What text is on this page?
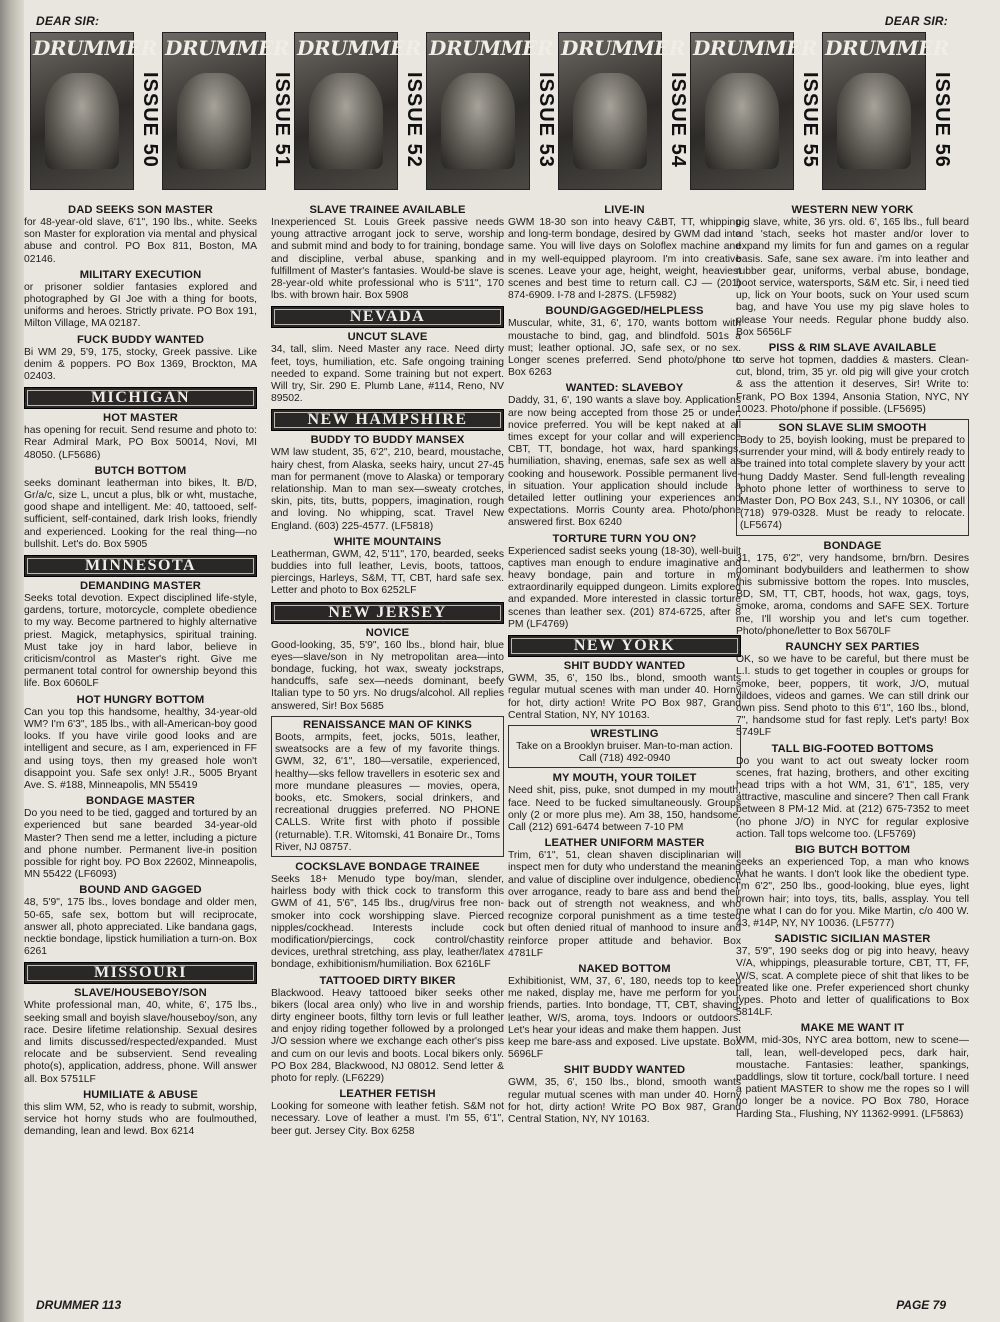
DEAR SIR:	DEAR SIR:
DRUMMER
ISSUE 50
DRUMMER
ISSUE 51
DRUMMER
ISSUE 52
DRUMMER
ISSUE 53
DRUMMER
ISSUE 54
DRUMMER
ISSUE 55
DRUMMER
ISSUE 56
DAD SEEKS SON MASTER

for 48-year-old slave, 6'1", 190 lbs., white. Seeks son Master for exploration via mental and physical abuse and control. PO Box 811, Boston, MA 02146.

MILITARY EXECUTION

or prisoner soldier fantasies explored and photographed by GI Joe with a thing for boots, uniforms and heroes. Strictly private. PO Box 191, Milton Village, MA 02187.

FUCK BUDDY WANTED

Bi WM 29, 5'9, 175, stocky, Greek passive. Like denim & poppers. PO Box 1369, Brockton, MA 02403.

MICHIGAN
HOT MASTER

has opening for recuit. Send resume and photo to: Rear Admiral Mark, PO Box 50014, Novi, MI 48050. (LF5686)

BUTCH BOTTOM

seeks dominant leatherman into bikes, lt. B/D, Gr/a/c, size L, uncut a plus, blk or wht, mustache, good shape and intelligent. Me: 40, tattooed, self-sufficient, self-contained, dark Irish looks, friendly and experienced. Looking for the real thing—no bullshit. Let's do. Box 5905

MINNESOTA
DEMANDING MASTER

Seeks total devotion. Expect disciplined life-style, gardens, torture, motorcycle, complete obedience to my way. Become partnered to highly alternative priest. Magick, metaphysics, spiritual training. Must take joy in hard labor, believe in criticism/control as Master's right. Give me permanent total control for ownership beyond this life. Box 6060LF

HOT HUNGRY BOTTOM

Can you top this handsome, healthy, 34-year-old WM? I'm 6'3", 185 lbs., with all-American-boy good looks. If you have virile good looks and are intelligent and secure, as I am, experienced in FF and using toys, then my greased hole won't disappoint you. Safe sex only! J.R., 5005 Bryant Ave. S. #188, Minneapolis, MN 55419

BONDAGE MASTER

Do you need to be tied, gagged and tortured by an experienced but sane bearded 34-year-old Master? Then send me a letter, including a picture and phone number. Permanent live-in position possible for right boy. PO Box 22602, Minneapolis, MN 55422 (LF6093)

BOUND AND GAGGED

48, 5'9", 175 lbs., loves bondage and older men, 50-65, safe sex, bottom but will reciprocate, answer all, photo appreciated. Like bandana gags, necktie bondage, lipstick humiliation a turn-on. Box 6261

MISSOURI
SLAVE/HOUSEBOY/SON

White professional man, 40, white, 6', 175 lbs., seeking small and boyish slave/houseboy/son, any race. Desire lifetime relationship. Sexual desires and limits discussed/respected/expanded. Must relocate and be subservient. Send revealing photo(s), application, address, phone. Will answer all. Box 5751LF

HUMILIATE & ABUSE

this slim WM, 52, who is ready to submit, worship, service hot horny studs who are foulmouthed, demanding, lean and lewd. Box 6214

SLAVE TRAINEE AVAILABLE

Inexperienced St. Louis Greek passive needs young attractive arrogant jock to serve, worship and submit mind and body to for training, bondage and discipline, verbal abuse, spanking and fulfillment of Master's fantasies. Would-be slave is 28-year-old white professional who is 5'11", 170 lbs. with brown hair. Box 5908

NEVADA
UNCUT SLAVE

34, tall, slim. Need Master any race. Need dirty feet, toys, humiliation, etc. Safe ongoing training needed to expand. Some training but not expert. Will try, Sir. 290 E. Plumb Lane, #114, Reno, NV 89502.

NEW HAMPSHIRE
BUDDY TO BUDDY MANSEX

WM law student, 35, 6'2", 210, beard, moustache, hairy chest, from Alaska, seeks hairy, uncut 27-45 man for permanent (move to Alaska) or temporary relationship. Man to man sex—sweaty crotches, skin, pits, tits, butts, poppers, imagination, rough and loving. No whipping, scat. Travel New England. (603) 225-4577. (LF5818)

WHITE MOUNTAINS

Leatherman, GWM, 42, 5'11", 170, bearded, seeks buddies into full leather, Levis, boots, tattoos, piercings, Harleys, S&M, TT, CBT, hard safe sex. Letter and photo to Box 6252LF

NEW JERSEY
NOVICE

Good-looking, 35, 5'9", 160 lbs., blond hair, blue eyes—slave/son in Ny metropolitan area—into bondage, fucking, hot wax, sweaty jockstraps, handcuffs, safe sex—needs dominant, beefy Italian type to 50 yrs. No drugs/alcohol. All replies answered, Sir! Box 5685

RENAISSANCE MAN OF KINKS

Boots, armpits, feet, jocks, 501s, leather, sweatsocks are a few of my favorite things. GWM, 32, 6'1", 180—versatile, experienced, healthy—sks fellow travellers in esoteric sex and more mundane pleasures — movies, opera, books, etc. Smokers, social drinkers, and recreational druggies preferred. NO PHONE CALLS. Write first with photo if possible (returnable). T.R. Witomski, 41 Bonaire Dr., Toms River, NJ 08757.

COCKSLAVE BONDAGE TRAINEE

Seeks 18+ Menudo type boy/man, slender, hairless body with thick cock to transform this GWM of 41, 5'6", 145 lbs., drug/virus free non-smoker into cock worshipping slave. Pierced nipples/cockhead. Interests include cock modification/piercings, cock control/chastity devices, urethral stretching, ass play, leather/latex bondage, exhibitionism/humiliation. Box 6216LF

TATTOOED DIRTY BIKER

Blackwood. Heavy tattooed biker seeks other bikers (local area only) who live in and worship dirty engineer boots, filthy torn levis or full leather and enjoy riding together followed by a prolonged J/O session where we exchange each other's piss and cum on our levis and boots. Local bikers only. PO Box 284, Blackwood, NJ 08012. Send letter & photo for reply. (LF6229)

LEATHER FETISH

Looking for someone with leather fetish. S&M not necessary. Love of leather a must. I'm 55, 6'1", beer gut. Jersey City. Box 6258

LIVE-IN

GWM 18-30 son into heavy C&BT, TT, whipping and long-term bondage, desired by GWM dad into same. You will live days on Soloflex machine and in my well-equipped playroom. I'm into creative scenes. Leave your age, height, weight, heaviest scenes and best time to return call. CJ — (201) 874-6909. I-78 and I-287S. (LF5982)

BOUND/GAGGED/HELPLESS

Muscular, white, 31, 6', 170, wants bottom with moustache to bind, gag, and blindfold. 501s a must; leather optional. JO, safe sex, or no sex. Longer scenes preferred. Send photo/phone to Box 6263

WANTED: SLAVEBOY

Daddy, 31, 6', 190 wants a slave boy. Applications are now being accepted from those 25 or under, novice preferred. You will be kept naked at all times except for your collar and will experience CBT, TT, bondage, hot wax, hard spankings, humiliation, shaving, enemas, safe sex as well as cooking and housework. Possible permanent live-in situation. Your application should include a detailed letter outlining your experiences and expectations. Morris County area. Photo/phone answered first. Box 6240

TORTURE TURN YOU ON?

Experienced sadist seeks young (18-30), well-built captives man enough to endure imaginative and heavy bondage, pain and torture in my extraordinarily equipped dungeon. Limits explored and expanded. More interested in classic torture scenes than leather sex. (201) 874-6725, after 8 PM (LF4769)

NEW YORK
SHIT BUDDY WANTED

GWM, 35, 6', 150 lbs., blond, smooth wants regular mutual scenes with man under 40. Horny for hot, dirty action! Write PO Box 987, Grand Central Station, NY, NY 10163.

WRESTLING

Take on a Brooklyn bruiser. Man-to-man action. Call (718) 492-0940

MY MOUTH, YOUR TOILET

Need shit, piss, puke, snot dumped in my mouth, face. Need to be fucked simultaneously. Groups only (2 or more plus me). Am 38, 150, handsome. Call (212) 691-6474 between 7-10 PM

LEATHER UNIFORM MASTER

Trim, 6'1", 51, clean shaven disciplinarian will inspect men for duty who understand the meaning and value of discipline over indulgence, obedience over arrogance, ready to bare ass and bend their back out of strength not weakness, and who recognize corporal punishment as a time tested but often denied ritual of manhood to insure and reinforce proper attitude and behavior. Box 4781LF

NAKED BOTTOM

Exhibitionist, WM, 37, 6', 180, needs top to keep me naked, display me, have me perform for you, friends, parties. Into bondage, TT, CBT, shaving, leather, W/S, aroma, toys. Indoors or outdoors. Let's hear your ideas and make them happen. Just keep me bare-ass and exposed. Live upstate. Box 5696LF

SHIT BUDDY WANTED

GWM, 35, 6', 150 lbs., blond, smooth wants regular mutual scenes with man under 40. Horny for hot, dirty action! Write PO Box 987, Grand Central Station, NY, NY 10163.

WESTERN NEW YORK

pig slave, white, 36 yrs. old. 6', 165 lbs., full beard and 'stach, seeks hot master and/or lover to expand my limits for fun and games on a regular basis. Safe, sane sex aware. i'm into leather and rubber gear, uniforms, verbal abuse, bondage, boot service, watersports, S&M etc. Sir, i need tied up, lick on Your boots, suck on Your used scum bag, and have You use my pig slave holes to please Your needs. Regular phone buddy also. Box 5656LF

PISS & RIM SLAVE AVAILABLE

to serve hot topmen, daddies & masters. Clean-cut, blond, trim, 35 yr. old pig will give your crotch & ass the attention it deserves, Sir! Write to: Frank, PO Box 1394, Ansonia Station, NYC, NY 10023. Photo/phone if possible. (LF5695)

SON SLAVE SLIM SMOOTH

Body to 25, boyish looking, must be prepared to surrender your mind, will & body entirely ready to be trained into total complete slavery by your actt hung Daddy Master. Send full-length revealing photo phone letter of worthiness to serve to Master Don, PO Box 243, S.I., NY 10306, or call (718) 979-0328. Must be ready to relocate. (LF5674)

BONDAGE

31, 175, 6'2", very handsome, brn/brn. Desires dominant bodybuilders and leathermen to show this submissive bottom the ropes. Into muscles, BD, SM, TT, CBT, hoods, hot wax, gags, toys, smoke, aroma, condoms and SAFE SEX. Torture me, I'll worship you and let's cum together. Photo/phone/letter to Box 5670LF

RAUNCHY SEX PARTIES

OK, so we have to be careful, but there must be L.I. studs to get together in couples or groups for smoke, beer, poppers, tit work, J/O, mutual dildoes, videos and games. We can still drink our own piss. Send photo to this 6'1", 160 lbs., blond, 7", handsome stud for fast reply. Let's party! Box 5749LF

TALL BIG-FOOTED BOTTOMS

Do you want to act out sweaty locker room scenes, frat hazing, brothers, and other exciting head trips with a hot WM, 31, 6'1", 185, very attractive, masculine and sincere? Then call Frank between 8 PM-12 Mid. at (212) 675-7352 to meet (no phone J/O) in NYC for regular explosive action. Tall tops welcome too. (LF5769)

BIG BUTCH BOTTOM

seeks an experienced Top, a man who knows what he wants. I don't look like the obedient type. I'm 6'2", 250 lbs., good-looking, blue eyes, light brown hair; into toys, tits, balls, assplay. You tell me what I can do for you. Mike Martin, c/o 400 W. 43, #14P, NY, NY 10036. (LF5777)

SADISTIC SICILIAN MASTER

37, 5'9", 190 seeks dog or pig into heavy, heavy V/A, whippings, pleasurable torture, CBT, TT, FF, W/S, scat. A complete piece of shit that likes to be treated like one. Prefer experienced short chunky types. Photo and letter of qualifications to Box 5814LF.

MAKE ME WANT IT

WM, mid-30s, NYC area bottom, new to scene—tall, lean, well-developed pecs, dark hair, moustache. Fantasies: leather, spankings, paddlings, slow tit torture, cock/ball torture. I need a patient MASTER to show me the ropes so I will no longer be a novice. PO Box 780, Horace Harding Sta., Flushing, NY 11362-9991. (LF5863)

DRUMMER 113	PAGE 79
